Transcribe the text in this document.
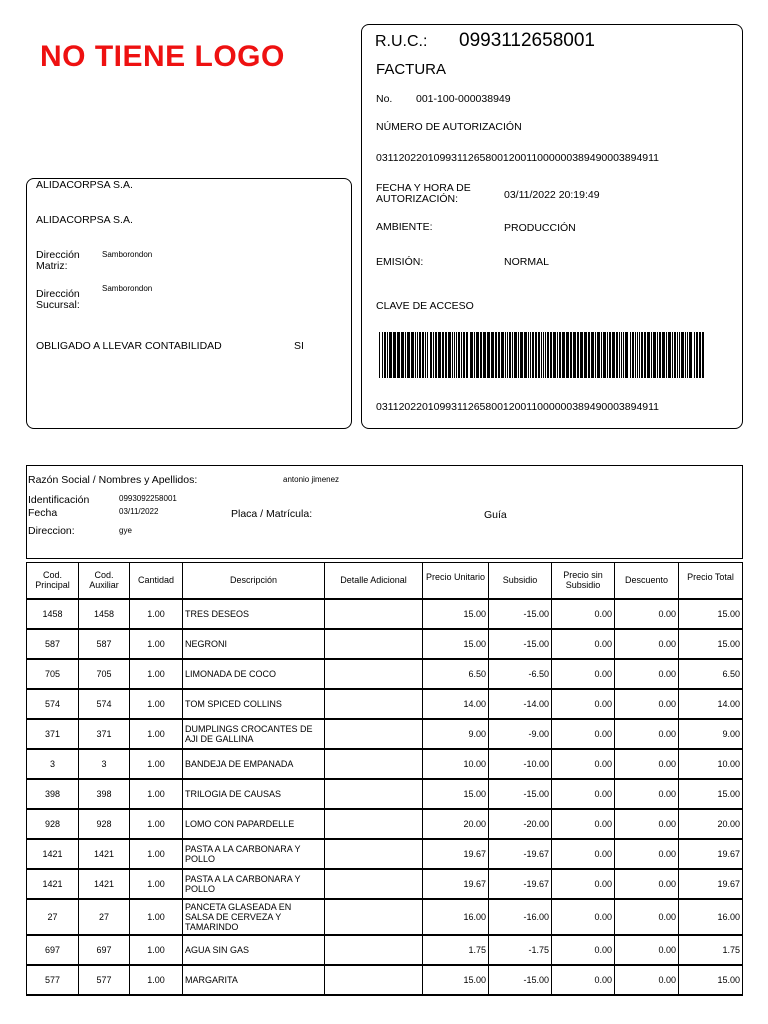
NO TIENE LOGO	R.U.C.: 0993112658001
FACTURA
No. 001-100-000038949
NÚMERO DE AUTORIZACIÓN
0311202201099311265800120011000000389490003894911
FECHA Y HORA DE AUTORIZACIÓN:	03/11/2022 20:19:49
AMBIENTE:	PRODUCCIÓN
EMISIÓN:	NORMAL
CLAVE DE ACCESO
0311202201099311265800120011000000389490003894911
ALIDACORPSA S.A.
ALIDACORPSA S.A.
Dirección Matriz:
Samborondon
Dirección Sucursal:
Samborondon
OBLIGADO A LLEVAR CONTABILIDAD	SI
Razón Social / Nombres y Apellidos:	antonio jimenez
Identificación	0993092258001
Fecha	03/11/2022	Placa / Matrícula:	Guía
Direccion:	gye
Cod. Principal	Cod. Auxiliar	Cantidad	Descripción	Detalle Adicional	Precio Unitario	Subsidio	Precio sin Subsidio	Descuento	Precio Total
1458	1458	1.00	TRES DESEOS		15.00	-15.00	0.00	0.00	15.00
587	587	1.00	NEGRONI		15.00	-15.00	0.00	0.00	15.00
705	705	1.00	LIMONADA DE COCO		6.50	-6.50	0.00	0.00	6.50
574	574	1.00	TOM SPICED COLLINS		14.00	-14.00	0.00	0.00	14.00
371	371	1.00	DUMPLINGS CROCANTES DE AJI DE GALLINA		9.00	-9.00	0.00	0.00	9.00
3	3	1.00	BANDEJA DE EMPANADA		10.00	-10.00	0.00	0.00	10.00
398	398	1.00	TRILOGIA DE CAUSAS		15.00	-15.00	0.00	0.00	15.00
928	928	1.00	LOMO CON PAPARDELLE		20.00	-20.00	0.00	0.00	20.00
1421	1421	1.00	PASTA A LA CARBONARA Y POLLO		19.67	-19.67	0.00	0.00	19.67
1421	1421	1.00	PASTA A LA CARBONARA Y POLLO		19.67	-19.67	0.00	0.00	19.67
27	27	1.00	PANCETA GLASEADA EN SALSA DE CERVEZA Y TAMARINDO		16.00	-16.00	0.00	0.00	16.00
697	697	1.00	AGUA SIN GAS		1.75	-1.75	0.00	0.00	1.75
577	577	1.00	MARGARITA		15.00	-15.00	0.00	0.00	15.00
